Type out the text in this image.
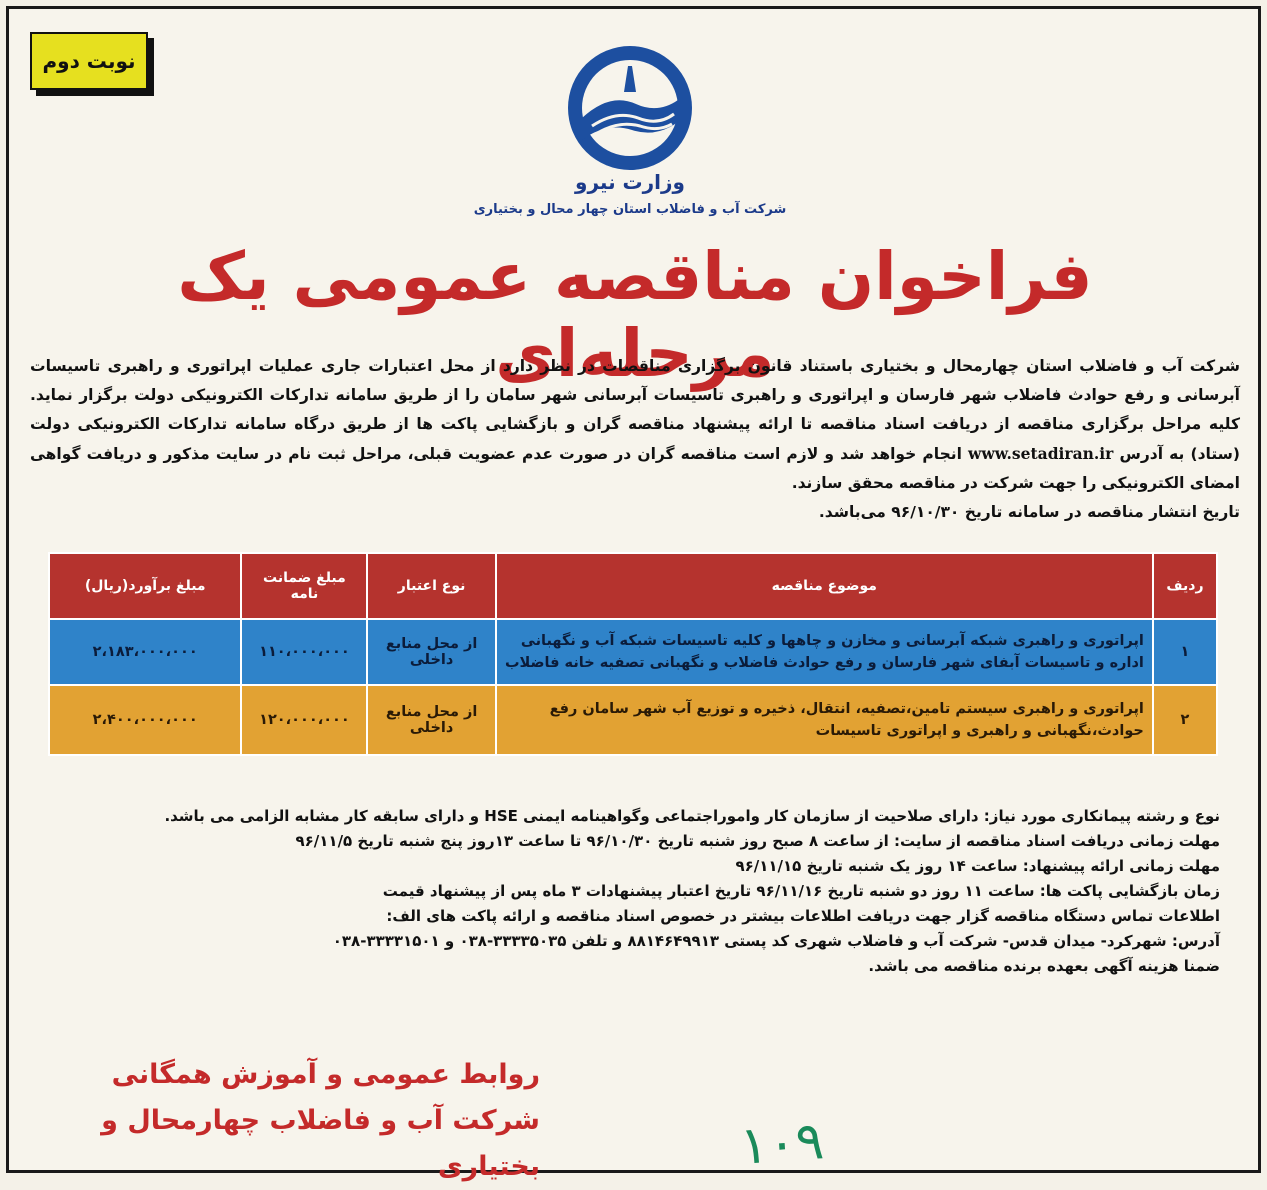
نوبت دوم
وزارت نیرو
شرکت آب و فاضلاب استان چهار محال و بختیاری
فراخوان مناقصه عمومی یک مرحله‌ای
شرکت آب و فاضلاب استان چهارمحال و بختیاری باستناد قانون برگزاری مناقصات در نظر دارد از محل اعتبارات جاری عملیات اپراتوری و راهبری تاسیسات آبرسانی و رفع حوادث فاضلاب شهر فارسان و اپراتوری و راهبری تاسیسات آبرسانی شهر سامان را از طریق سامانه تدارکات الکترونیکی دولت برگزار نماید. کلیه مراحل برگزاری مناقصه از دریافت اسناد مناقصه تا ارائه پیشنهاد مناقصه گران و بازگشایی پاکت ها از طریق درگاه سامانه تدارکات الکترونیکی دولت (ستاد) به آدرس www.setadiran.ir انجام خواهد شد و لازم است مناقصه گران در صورت عدم عضویت قبلی، مراحل ثبت نام در سایت مذکور و دریافت گواهی امضای الکترونیکی را جهت شرکت در مناقصه محقق سازند.
تاریخ انتشار مناقصه در سامانه تاریخ ۹۶/۱۰/۳۰ می‌باشد.
ردیف	موضوع مناقصه	نوع اعتبار	مبلغ ضمانت نامه	مبلغ برآورد(ریال)
۱	اپراتوری و راهبری شبکه آبرسانی و مخازن و چاهها و کلیه تاسیسات شبکه آب و نگهبانی اداره و تاسیسات آبفای شهر فارسان و رفع حوادث فاضلاب و نگهبانی تصفیه خانه فاضلاب	از محل منابع داخلی	۱۱۰،۰۰۰،۰۰۰	۲،۱۸۳،۰۰۰،۰۰۰
۲	اپراتوری و راهبری سیستم تامین،تصفیه، انتقال، ذخیره و توزیع آب شهر سامان رفع حوادث،نگهبانی و راهبری و اپراتوری تاسیسات	از محل منابع داخلی	۱۲۰،۰۰۰،۰۰۰	۲،۴۰۰،۰۰۰،۰۰۰

نوع و رشته پیمانکاری مورد نیاز: دارای صلاحیت از سازمان کار واموراجتماعی وگواهینامه ایمنی HSE و دارای سابقه کار مشابه الزامی می باشد.

مهلت زمانی دریافت اسناد مناقصه از سایت: از ساعت ۸ صبح روز شنبه تاریخ ۹۶/۱۰/۳۰ تا ساعت ۱۳روز پنج شنبه تاریخ ۹۶/۱۱/۵

مهلت زمانی ارائه پیشنهاد: ساعت ۱۴ روز یک شنبه تاریخ ۹۶/۱۱/۱۵

زمان بازگشایی پاکت ها: ساعت ۱۱ روز دو شنبه تاریخ ۹۶/۱۱/۱۶ تاریخ اعتبار پیشنهادات ۳ ماه پس از پیشنهاد قیمت

اطلاعات تماس دستگاه مناقصه گزار جهت دریافت اطلاعات بیشتر در خصوص اسناد مناقصه و ارائه پاکت های الف:

آدرس: شهرکرد- میدان قدس- شرکت آب و فاضلاب شهری کد پستی ۸۸۱۴۶۴۹۹۱۳ و تلفن ۳۳۳۳۵۰۳۵-۰۳۸ و ۳۳۳۳۱۵۰۱-۰۳۸

ضمنا هزینه آگهی بعهده برنده مناقصه می باشد.

روابط عمومی و آموزش همگانی
شرکت آب و فاضلاب چهارمحال و بختیاری	۱۰۹
